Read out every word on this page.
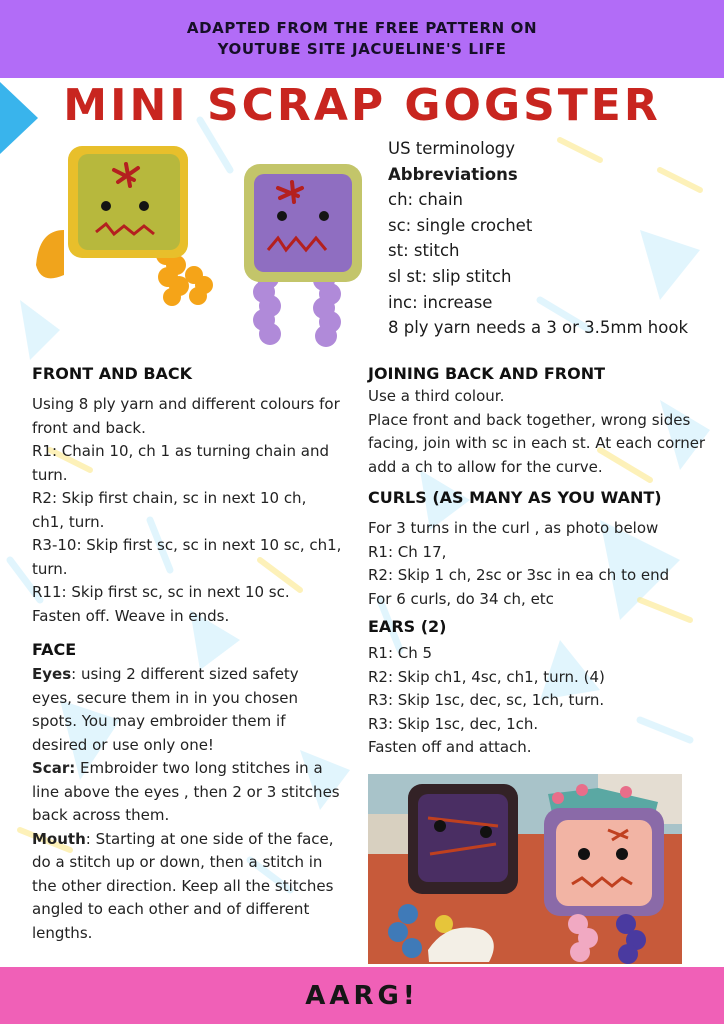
ADAPTED FROM THE FREE PATTERN ON
YOUTUBE SITE JACUELINE'S LIFE
MINI SCRAP GOGSTER
US terminology
Abbreviations
ch: chain
sc: single crochet
st: stitch
sl st: slip stitch
inc: increase
8 ply yarn needs a 3 or 3.5mm hook
FRONT AND BACK
Using 8 ply yarn and different colours for front and back.
R1: Chain 10, ch 1 as turning chain and turn.
R2: Skip first chain, sc in next 10 ch, ch1, turn.
R3-10: Skip first sc, sc in next 10 sc, ch1, turn.
R11: Skip first sc, sc in next 10 sc.
Fasten off. Weave in ends.
FACE
Eyes: using 2 different sized safety eyes, secure them in in you chosen spots. You may embroider them if desired or use only one!
Scar: Embroider two long stitches in a line above the eyes , then 2 or 3 stitches back across them.
Mouth: Starting at one side of the face, do a stitch up or down, then a stitch in the other direction. Keep all the stitches angled to each other and of different lengths.
JOINING BACK AND FRONT
Use a third colour.
Place front and back together, wrong sides facing, join with sc in each st. At each corner add a ch to allow for the curve.
CURLS (AS MANY AS YOU WANT)
For 3 turns in the curl , as photo below
R1: Ch 17,
R2: Skip 1 ch, 2sc or 3sc in ea ch to end
For 6 curls, do 34 ch, etc
EARS (2)
R1: Ch 5
R2: Skip ch1, 4sc, ch1, turn. (4)
R3: Skip 1sc, dec, sc, 1ch, turn.
R3: Skip 1sc, dec, 1ch.
Fasten off and attach.
AARG!
